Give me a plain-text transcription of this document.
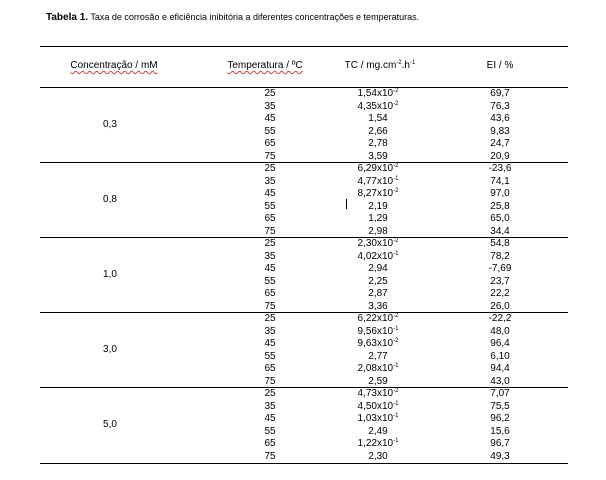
Tabela 1. Taxa de corrosão e eficiência inibitória a diferentes concentrações e temperaturas.
Concentração / mM	Temperatura / ºC	TC / $mg.cm^{-2}.h^{-1}$	EI / %
0,3
25	$1,54x10^{-2}$	69,7
35	$4,35x10^{-2}$	76,3
45	1,54	43,6
55	2,66	9,83
65	2,78	24,7
75	3,59	20,9
0,8
25	$6,29x10^{-2}$	-23,6
35	$4,77x10^{-1}$	74,1
45	$8,27x10^{-2}$	97,0
55	2,19	25,8
65	1,29	65,0
75	2,98	34,4
1,0
25	$2,30x10^{-2}$	54,8
35	$4,02x10^{-1}$	78,2
45	2,94	-7,69
55	2,25	23,7
65	2,87	22,2
75	3,36	26,0
3,0
25	$6,22x10^{-2}$	-22,2
35	$9,56x10^{-1}$	48,0
45	$9,63x10^{-2}$	96,4
55	2,77	6,10
65	$2,08x10^{-1}$	94,4
75	2,59	43,0
5,0
25	$4,73x10^{-2}$	7,07
35	$4,50x10^{-1}$	75,5
45	$1,03x10^{-1}$	96,2
55	2,49	15,6
65	$1,22x10^{-1}$	96,7
75	2,30	49,3
